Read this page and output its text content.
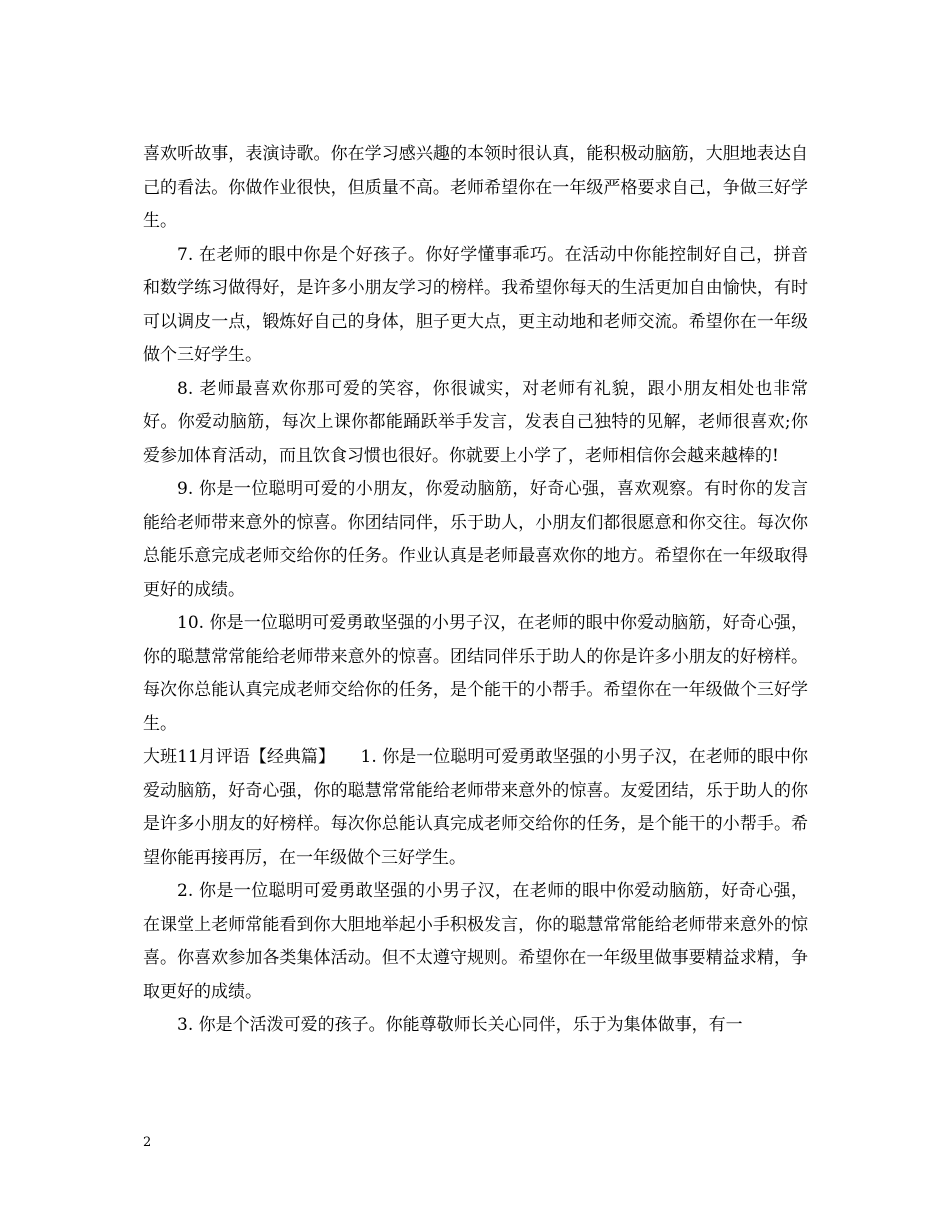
喜欢听故事，表演诗歌。你在学习感兴趣的本领时很认真，能积极动脑筋，大胆地表达自己的看法。你做作业很快，但质量不高。老师希望你在一年级严格要求自己，争做三好学生。

7. 在老师的眼中你是个好孩子。你好学懂事乖巧。在活动中你能控制好自己，拼音和数学练习做得好，是许多小朋友学习的榜样。我希望你每天的生活更加自由愉快，有时可以调皮一点，锻炼好自己的身体，胆子更大点，更主动地和老师交流。希望你在一年级做个三好学生。

8. 老师最喜欢你那可爱的笑容，你很诚实，对老师有礼貌，跟小朋友相处也非常好。你爱动脑筋，每次上课你都能踊跃举手发言，发表自己独特的见解，老师很喜欢;你爱参加体育活动，而且饮食习惯也很好。你就要上小学了，老师相信你会越来越棒的!

9. 你是一位聪明可爱的小朋友，你爱动脑筋，好奇心强，喜欢观察。有时你的发言能给老师带来意外的惊喜。你团结同伴，乐于助人，小朋友们都很愿意和你交往。每次你总能乐意完成老师交给你的任务。作业认真是老师最喜欢你的地方。希望你在一年级取得更好的成绩。

10. 你是一位聪明可爱勇敢坚强的小男子汉，在老师的眼中你爱动脑筋，好奇心强，你的聪慧常常能给老师带来意外的惊喜。团结同伴乐于助人的你是许多小朋友的好榜样。每次你总能认真完成老师交给你的任务，是个能干的小帮手。希望你在一年级做个三好学生。

大班11月评语【经典篇】　　1. 你是一位聪明可爱勇敢坚强的小男子汉，在老师的眼中你爱动脑筋，好奇心强，你的聪慧常常能给老师带来意外的惊喜。友爱团结，乐于助人的你是许多小朋友的好榜样。每次你总能认真完成老师交给你的任务，是个能干的小帮手。希望你能再接再厉，在一年级做个三好学生。

2. 你是一位聪明可爱勇敢坚强的小男子汉，在老师的眼中你爱动脑筋，好奇心强，在课堂上老师常能看到你大胆地举起小手积极发言，你的聪慧常常能给老师带来意外的惊喜。你喜欢参加各类集体活动。但不太遵守规则。希望你在一年级里做事要精益求精，争取更好的成绩。

3. 你是个活泼可爱的孩子。你能尊敬师长关心同伴，乐于为集体做事，有一

2
